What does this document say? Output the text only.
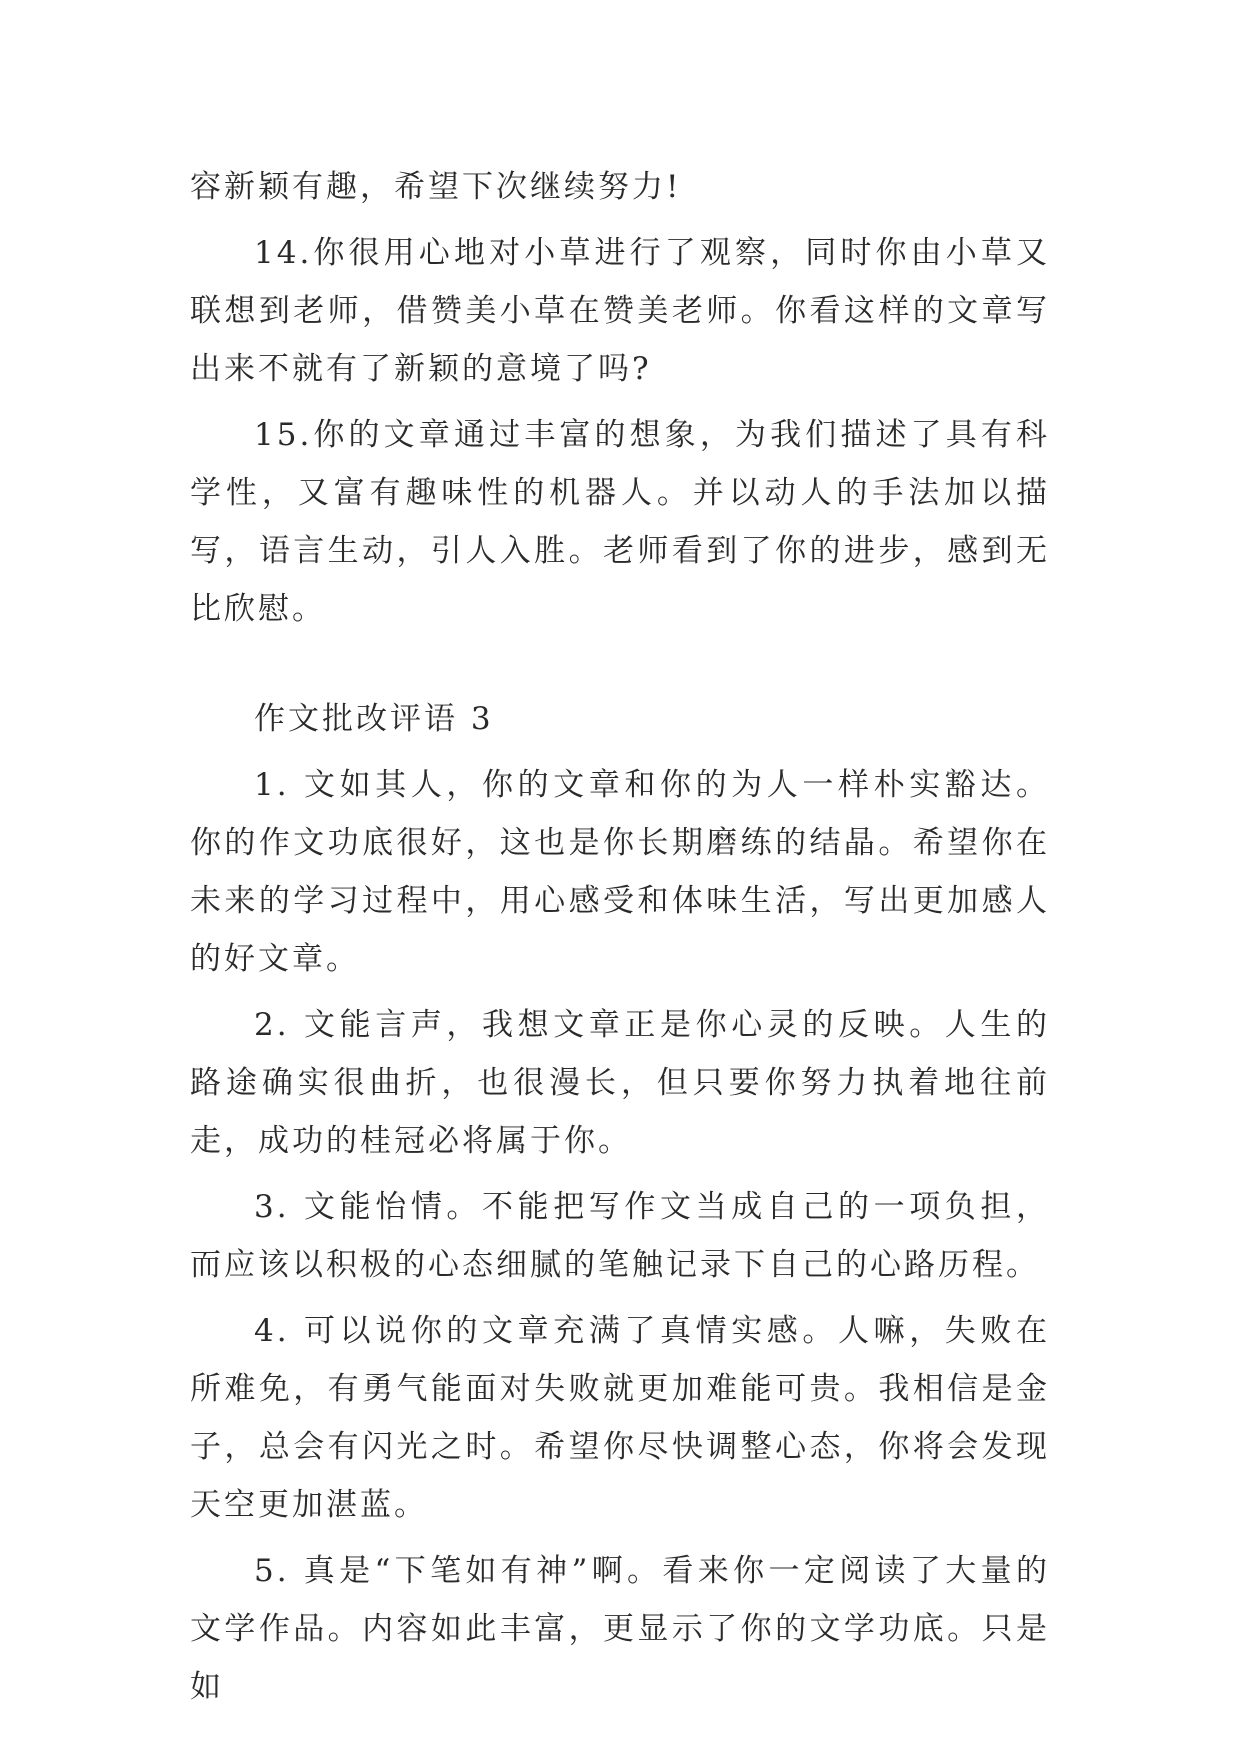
容新颖有趣，希望下次继续努力!

14.你很用心地对小草进行了观察，同时你由小草又联想到老师，借赞美小草在赞美老师。你看这样的文章写出来不就有了新颖的意境了吗?

15.你的文章通过丰富的想象，为我们描述了具有科学性，又富有趣味性的机器人。并以动人的手法加以描写，语言生动，引人入胜。老师看到了你的进步，感到无比欣慰。

作文批改评语 3

1. 文如其人，你的文章和你的为人一样朴实豁达。你的作文功底很好，这也是你长期磨练的结晶。希望你在未来的学习过程中，用心感受和体味生活，写出更加感人的好文章。

2. 文能言声，我想文章正是你心灵的反映。人生的路途确实很曲折，也很漫长，但只要你努力执着地往前走，成功的桂冠必将属于你。

3. 文能怡情。不能把写作文当成自己的一项负担，而应该以积极的心态细腻的笔触记录下自己的心路历程。

4. 可以说你的文章充满了真情实感。人嘛，失败在所难免，有勇气能面对失败就更加难能可贵。我相信是金子，总会有闪光之时。希望你尽快调整心态，你将会发现天空更加湛蓝。

5. 真是“下笔如有神”啊。看来你一定阅读了大量的文学作品。内容如此丰富，更显示了你的文学功底。只是如
